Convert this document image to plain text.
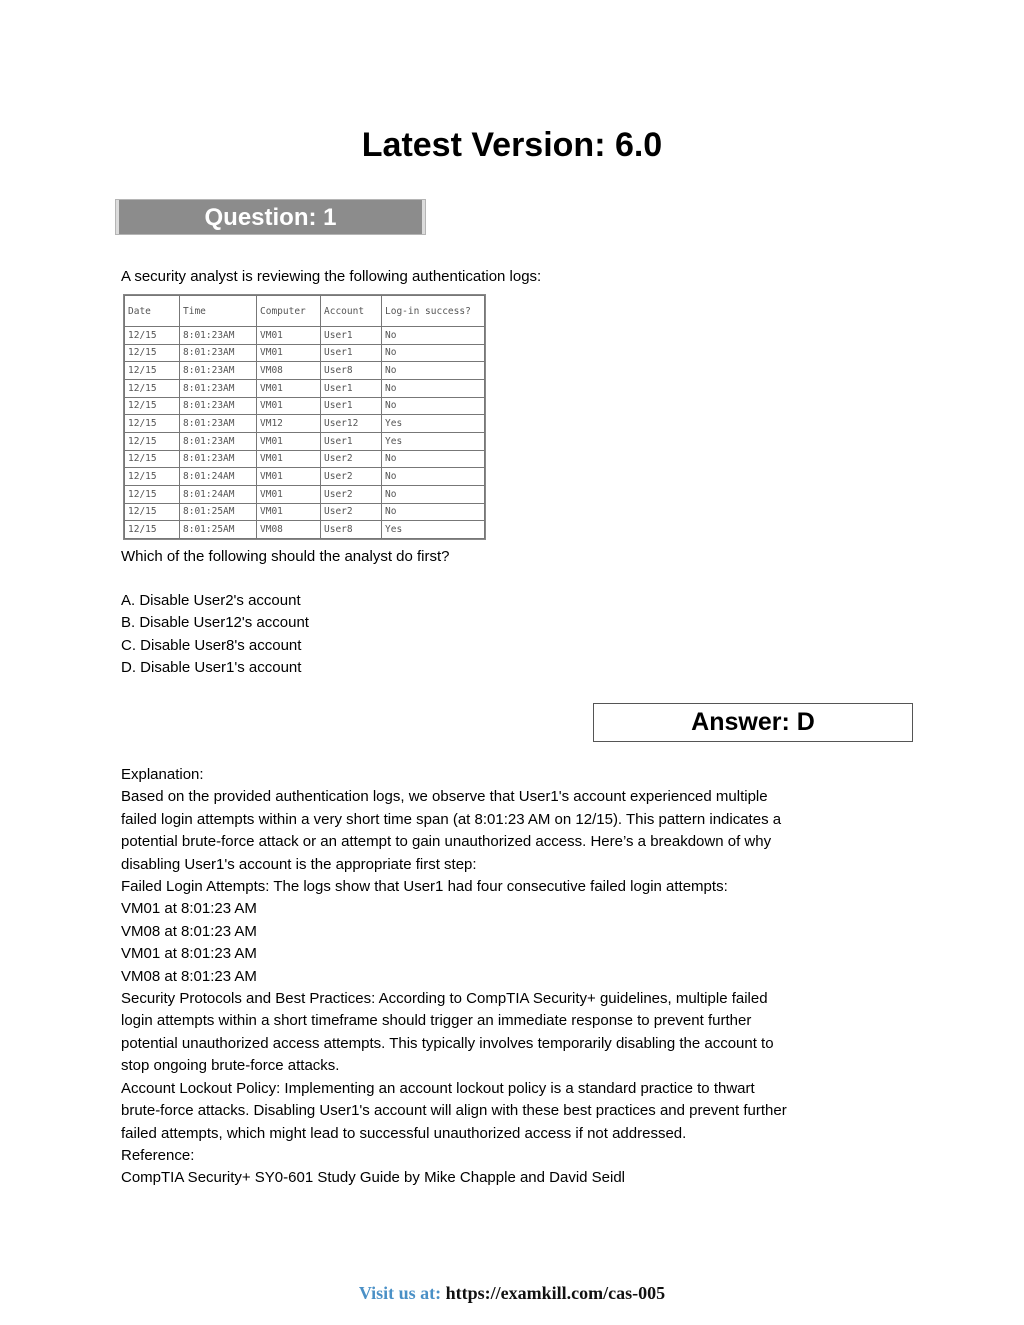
Latest Version: 6.0
Question: 1
A security analyst is reviewing the following authentication logs:
Date	Time	Computer	Account	Log-in success?
12/15	8:01:23AM	VM01	User1	No
12/15	8:01:23AM	VM01	User1	No
12/15	8:01:23AM	VM08	User8	No
12/15	8:01:23AM	VM01	User1	No
12/15	8:01:23AM	VM01	User1	No
12/15	8:01:23AM	VM12	User12	Yes
12/15	8:01:23AM	VM01	User1	Yes
12/15	8:01:23AM	VM01	User2	No
12/15	8:01:24AM	VM01	User2	No
12/15	8:01:24AM	VM01	User2	No
12/15	8:01:25AM	VM01	User2	No
12/15	8:01:25AM	VM08	User8	Yes
Which of the following should the analyst do first?
A. Disable User2's account
B. Disable User12's account
C. Disable User8's account
D. Disable User1's account
Answer: D
Explanation:
Based on the provided authentication logs, we observe that User1's account experienced multiple
failed login attempts within a very short time span (at 8:01:23 AM on 12/15). This pattern indicates a
potential brute-force attack or an attempt to gain unauthorized access. Here’s a breakdown of why
disabling User1's account is the appropriate first step:
Failed Login Attempts: The logs show that User1 had four consecutive failed login attempts:
VM01 at 8:01:23 AM
VM08 at 8:01:23 AM
VM01 at 8:01:23 AM
VM08 at 8:01:23 AM
Security Protocols and Best Practices: According to CompTIA Security+ guidelines, multiple failed
login attempts within a short timeframe should trigger an immediate response to prevent further
potential unauthorized access attempts. This typically involves temporarily disabling the account to
stop ongoing brute-force attacks.
Account Lockout Policy: Implementing an account lockout policy is a standard practice to thwart
brute-force attacks. Disabling User1's account will align with these best practices and prevent further
failed attempts, which might lead to successful unauthorized access if not addressed.
Reference:
CompTIA Security+ SY0-601 Study Guide by Mike Chapple and David Seidl
Visit us at: https://examkill.com/cas-005
